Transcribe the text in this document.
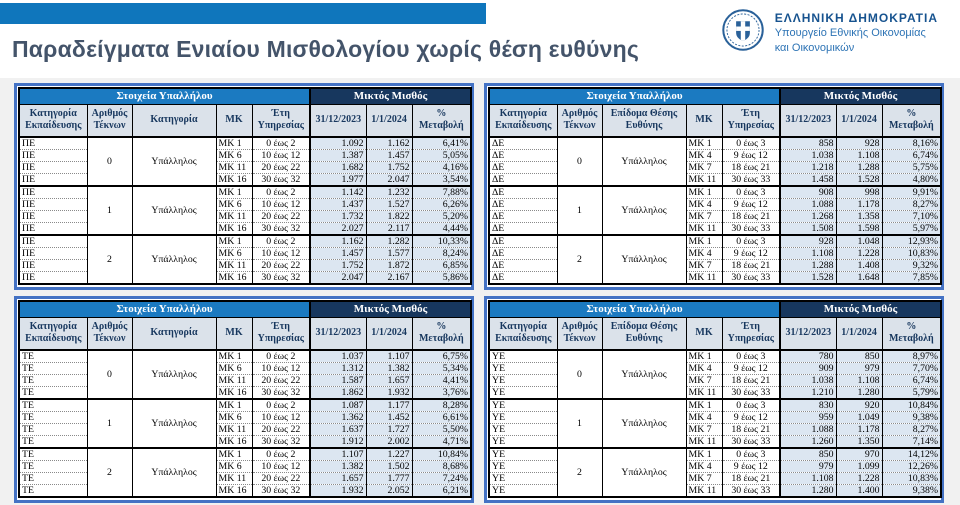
Παραδείγματα Ενιαίου Μισθολογίου χωρίς θέση ευθύνης
ΕΛΛΗΝΙΚΗ ΔΗΜΟΚΡΑΤΙΑ
Υπουργείο Εθνικής Οικονομίας
και Οικονομικών
Στοιχεία Υπαλλήλου					Μικτός Μισθός		
Κατηγορία Εκπαίδευσης	Αριθμός Τέκνων	Κατηγορία	ΜΚ	Έτη Υπηρεσίας	31/12/2023	1/1/2024	% Μεταβολή
ΠΕ	0	Υπάλληλος	ΜΚ 1	0 έως 2	1.092	1.162	6,41%
ΠΕ			ΜΚ 6	10 έως 12	1.387	1.457	5,05%
ΠΕ			ΜΚ 11	20 έως 22	1.682	1.752	4,16%
ΠΕ			ΜΚ 16	30 έως 32	1.977	2.047	3,54%
ΠΕ	1	Υπάλληλος	ΜΚ 1	0 έως 2	1.142	1.232	7,88%
ΠΕ			ΜΚ 6	10 έως 12	1.437	1.527	6,26%
ΠΕ			ΜΚ 11	20 έως 22	1.732	1.822	5,20%
ΠΕ			ΜΚ 16	30 έως 32	2.027	2.117	4,44%
ΠΕ	2	Υπάλληλος	ΜΚ 1	0 έως 2	1.162	1.282	10,33%
ΠΕ			ΜΚ 6	10 έως 12	1.457	1.577	8,24%
ΠΕ			ΜΚ 11	20 έως 22	1.752	1.872	6,85%
ΠΕ			ΜΚ 16	30 έως 32	2.047	2.167	5,86%
Στοιχεία Υπαλλήλου					Μικτός Μισθός		
Κατηγορία Εκπαίδευσης	Αριθμός Τέκνων	Επίδομα Θέσης Ευθύνης	ΜΚ	Έτη Υπηρεσίας	31/12/2023	1/1/2024	% Μεταβολή
ΔΕ	0	Υπάλληλος	ΜΚ 1	0 έως 3	858	928	8,16%
ΔΕ			ΜΚ 4	9 έως 12	1.038	1.108	6,74%
ΔΕ			ΜΚ 7	18 έως 21	1.218	1.288	5,75%
ΔΕ			ΜΚ 11	30 έως 33	1.458	1.528	4,80%
ΔΕ	1	Υπάλληλος	ΜΚ 1	0 έως 3	908	998	9,91%
ΔΕ			ΜΚ 4	9 έως 12	1.088	1.178	8,27%
ΔΕ			ΜΚ 7	18 έως 21	1.268	1.358	7,10%
ΔΕ			ΜΚ 11	30 έως 33	1.508	1.598	5,97%
ΔΕ	2	Υπάλληλος	ΜΚ 1	0 έως 3	928	1.048	12,93%
ΔΕ			ΜΚ 4	9 έως 12	1.108	1.228	10,83%
ΔΕ			ΜΚ 7	18 έως 21	1.288	1.408	9,32%
ΔΕ			ΜΚ 11	30 έως 33	1.528	1.648	7,85%
Στοιχεία Υπαλλήλου					Μικτός Μισθός		
Κατηγορία Εκπαίδευσης	Αριθμός Τέκνων	Κατηγορία	ΜΚ	Έτη Υπηρεσίας	31/12/2023	1/1/2024	% Μεταβολή
ΤΕ	0	Υπάλληλος	ΜΚ 1	0 έως 2	1.037	1.107	6,75%
ΤΕ			ΜΚ 6	10 έως 12	1.312	1.382	5,34%
ΤΕ			ΜΚ 11	20 έως 22	1.587	1.657	4,41%
ΤΕ			ΜΚ 16	30 έως 32	1.862	1.932	3,76%
ΤΕ	1	Υπάλληλος	ΜΚ 1	0 έως 2	1.087	1.177	8,28%
ΤΕ			ΜΚ 6	10 έως 12	1.362	1.452	6,61%
ΤΕ			ΜΚ 11	20 έως 22	1.637	1.727	5,50%
ΤΕ			ΜΚ 16	30 έως 32	1.912	2.002	4,71%
ΤΕ	2	Υπάλληλος	ΜΚ 1	0 έως 2	1.107	1.227	10,84%
ΤΕ			ΜΚ 6	10 έως 12	1.382	1.502	8,68%
ΤΕ			ΜΚ 11	20 έως 22	1.657	1.777	7,24%
ΤΕ			ΜΚ 16	30 έως 32	1.932	2.052	6,21%
Στοιχεία Υπαλλήλου					Μικτός Μισθός		
Κατηγορία Εκπαίδευσης	Αριθμός Τέκνων	Επίδομα Θέσης Ευθύνης	ΜΚ	Έτη Υπηρεσίας	31/12/2023	1/1/2024	% Μεταβολή
ΥΕ	0	Υπάλληλος	ΜΚ 1	0 έως 3	780	850	8,97%
ΥΕ			ΜΚ 4	9 έως 12	909	979	7,70%
ΥΕ			ΜΚ 7	18 έως 21	1.038	1.108	6,74%
ΥΕ			ΜΚ 11	30 έως 33	1.210	1.280	5,79%
ΥΕ	1	Υπάλληλος	ΜΚ 1	0 έως 3	830	920	10,84%
ΥΕ			ΜΚ 4	9 έως 12	959	1.049	9,38%
ΥΕ			ΜΚ 7	18 έως 21	1.088	1.178	8,27%
ΥΕ			ΜΚ 11	30 έως 33	1.260	1.350	7,14%
ΥΕ	2	Υπάλληλος	ΜΚ 1	0 έως 3	850	970	14,12%
ΥΕ			ΜΚ 4	9 έως 12	979	1.099	12,26%
ΥΕ			ΜΚ 7	18 έως 21	1.108	1.228	10,83%
ΥΕ			ΜΚ 11	30 έως 33	1.280	1.400	9,38%
